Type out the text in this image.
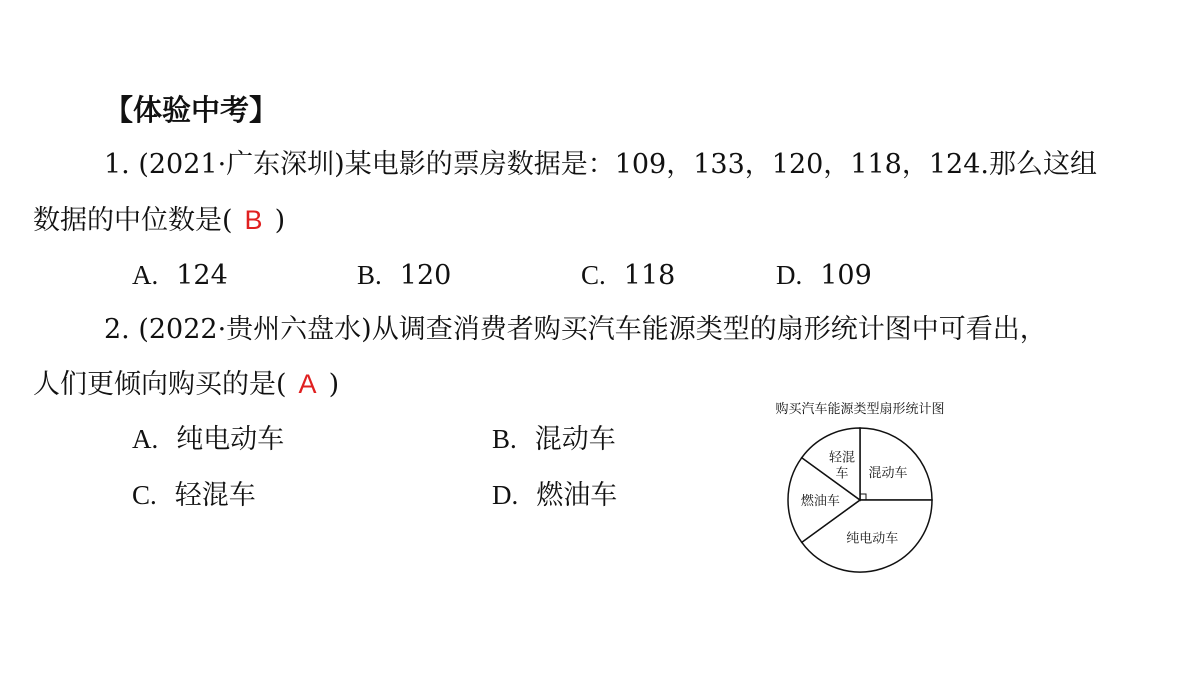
【体验中考】
1. (2021·广东深圳)某电影的票房数据是：109，133，120，118，124.那么这组
数据的中位数是( B )
A. 124	B. 120	C. 118	D. 109
2. (2022·贵州六盘水)从调查消费者购买汽车能源类型的扇形统计图中可看出，
人们更倾向购买的是( A )
A. 纯电动车	B. 混动车
C. 轻混车	D. 燃油车
购买汽车能源类型扇形统计图
混动车
纯电动车
燃油车
轻混车
